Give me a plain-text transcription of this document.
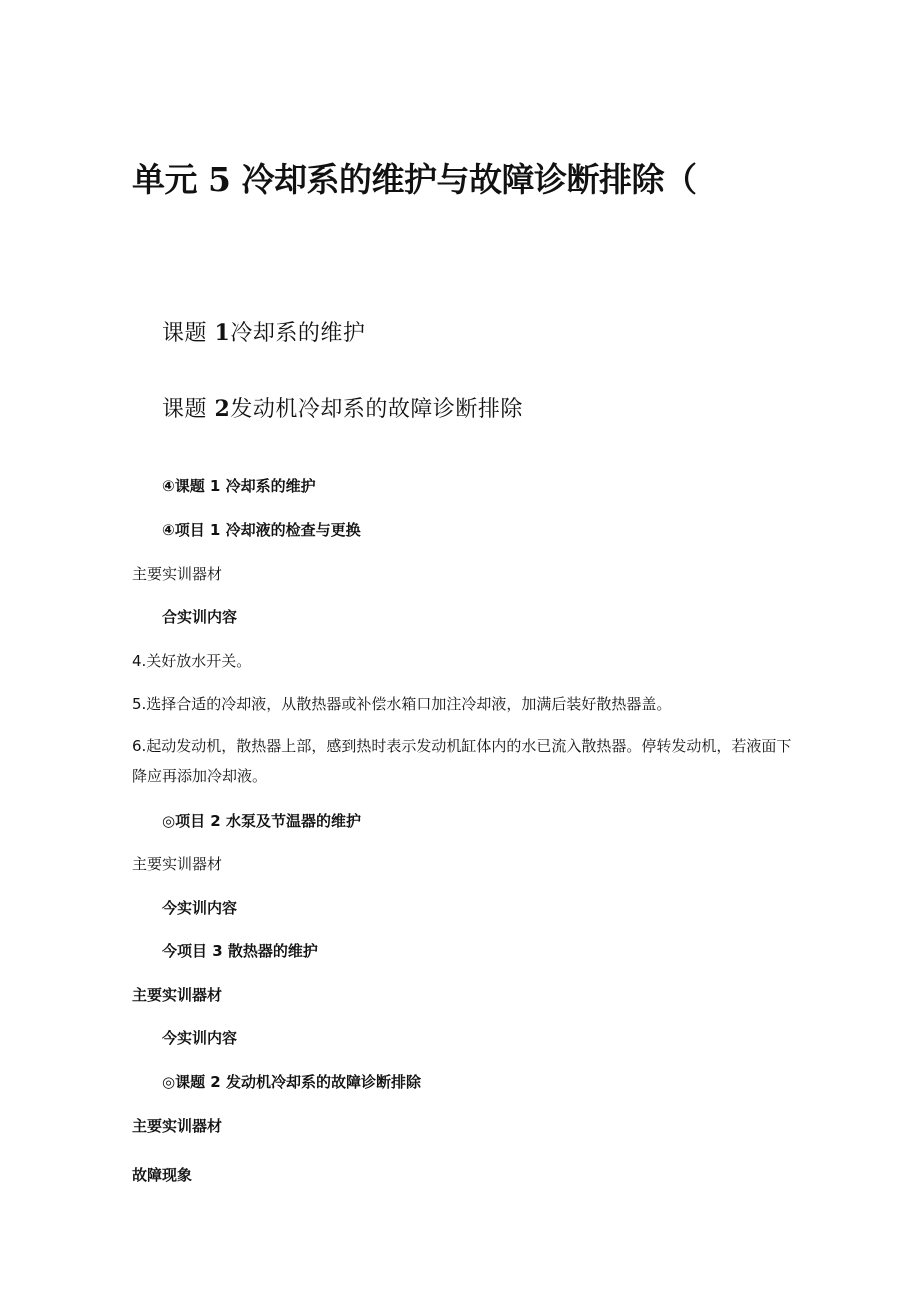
单元 5 冷却系的维护与故障诊断排除（
课题 1冷却系的维护
课题 2发动机冷却系的故障诊断排除
④课题 1 冷却系的维护
④项目 1 冷却液的检查与更换
主要实训器材
合实训内容
4.关好放水开关。
5.选择合适的冷却液，从散热器或补偿水箱口加注冷却液，加满后装好散热器盖。

6.起动发动机，散热器上部，感到热时表示发动机缸体内的水已流入散热器。停转发动机，若液面下降应再添加冷却液。

◎项目 2 水泵及节温器的维护
主要实训器材
今实训内容
今项目 3 散热器的维护
主要实训器材
今实训内容
◎课题 2 发动机冷却系的故障诊断排除
主要实训器材
故障现象
